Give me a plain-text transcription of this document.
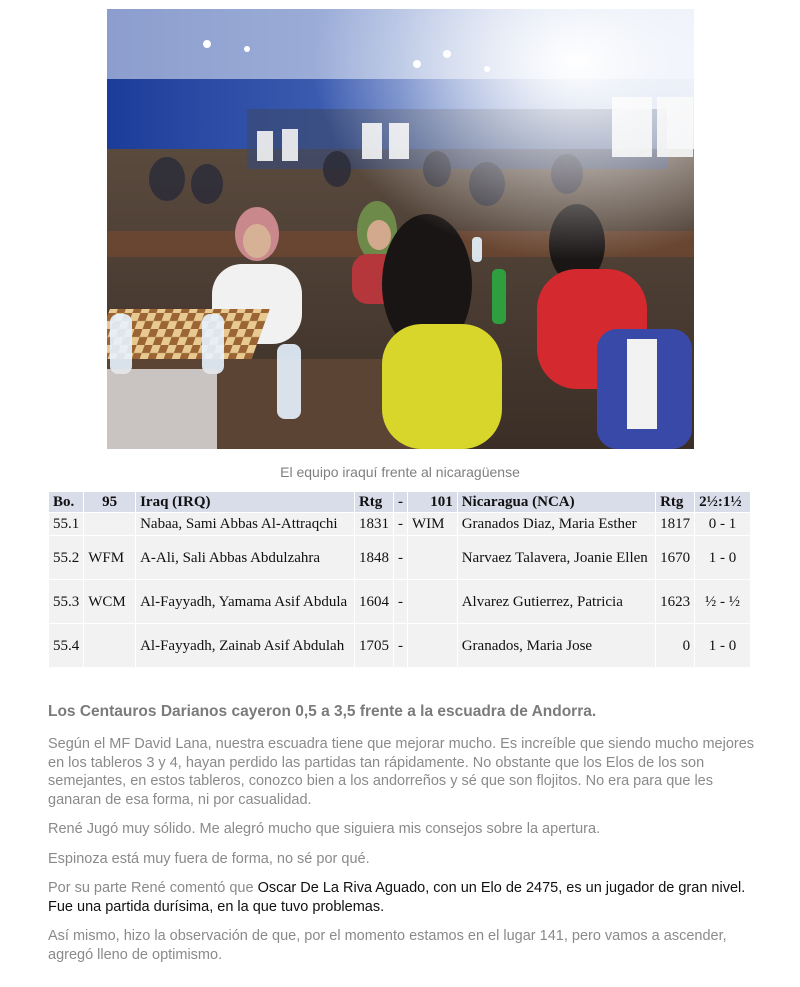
El equipo iraquí frente al nicaragüense
Bo.	95	Iraq (IRQ)	Rtg	-	101	Nicaragua (NCA)	Rtg	2½:1½
55.1		Nabaa, Sami Abbas Al-Attraqchi	1831	-	WIM	Granados Diaz, Maria Esther	1817	0 - 1
55.2	WFM	A-Ali, Sali Abbas Abdulzahra	1848	-		Narvaez Talavera, Joanie Ellen	1670	1 - 0
55.3	WCM	Al-Fayyadh, Yamama Asif Abdula	1604	-		Alvarez Gutierrez, Patricia	1623	½ - ½
55.4		Al-Fayyadh, Zainab Asif Abdulah	1705	-		Granados, Maria Jose	0	1 - 0
Los Centauros Darianos cayeron 0,5 a 3,5 frente a la escuadra de Andorra.

Según el MF David Lana, nuestra escuadra tiene que mejorar mucho. Es increíble que siendo mucho mejores en los tableros 3 y 4, hayan perdido las partidas tan rápidamente. No obstante que los Elos de los son semejantes, en estos tableros, conozco bien a los andorreños y sé que son flojitos. No era para que les ganaran de esa forma, ni por casualidad.

René Jugó muy sólido. Me alegró mucho que siguiera mis consejos sobre la apertura.

Espinoza está muy fuera de forma, no sé por qué.

Por su parte René comentó que Oscar De La Riva Aguado, con un Elo de 2475, es un jugador de gran nivel. Fue una partida durísima, en la que tuvo problemas.

Así mismo, hizo la observación de que, por el momento estamos en el lugar 141, pero vamos a ascender, agregó lleno de optimismo.
